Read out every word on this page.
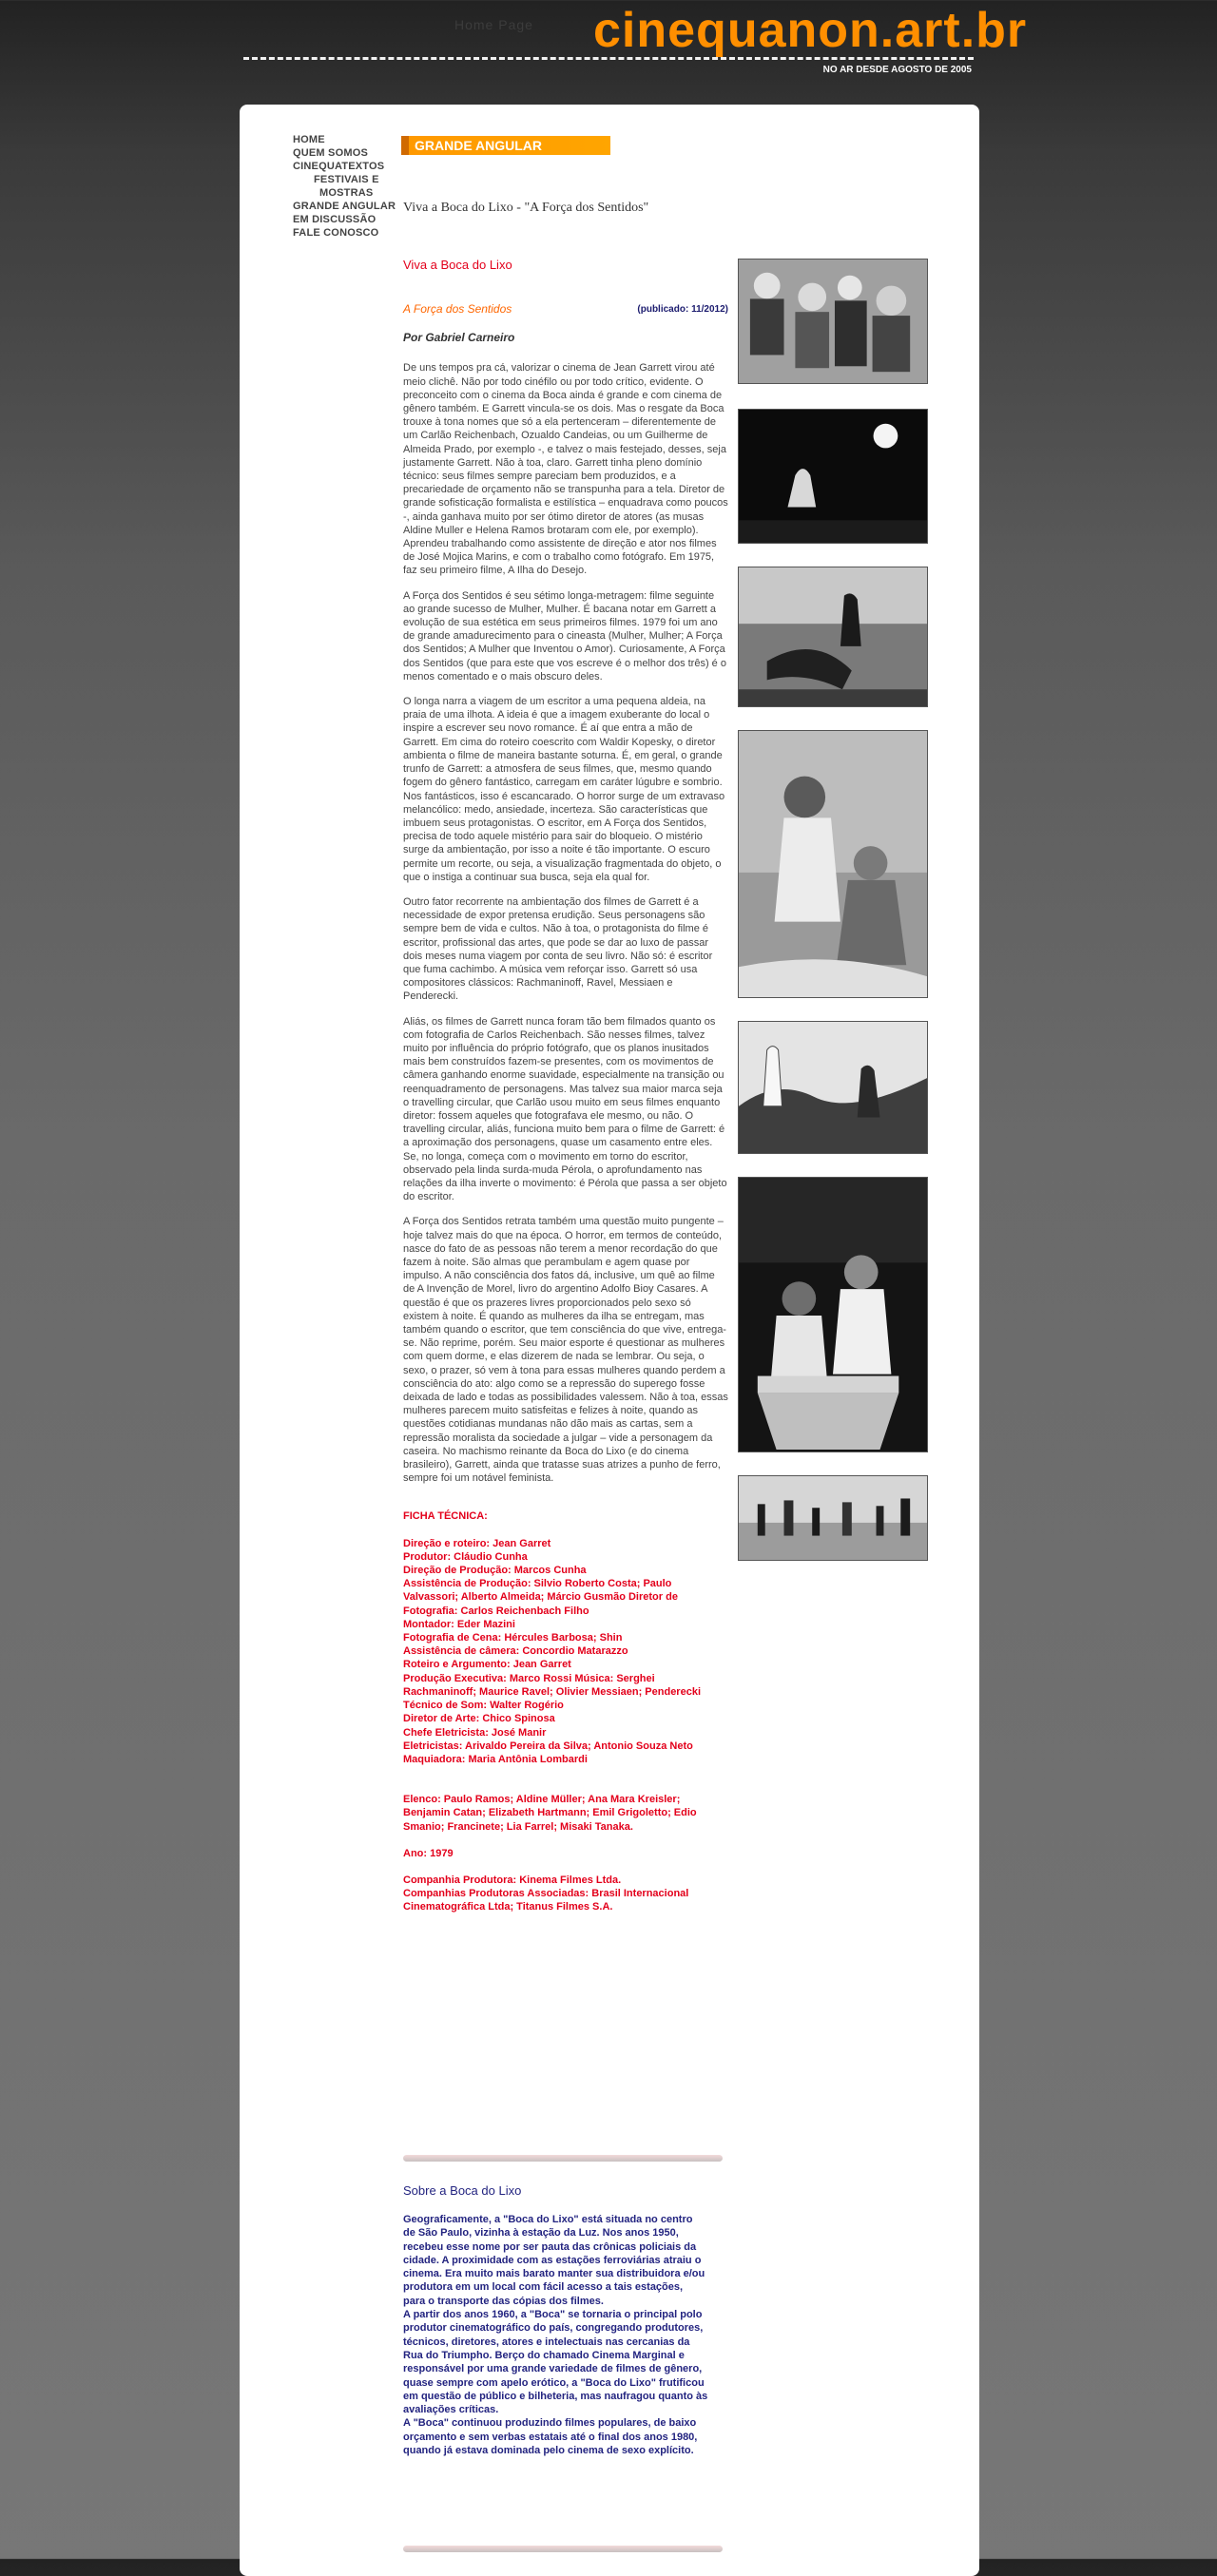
Home Page cinequanon.art.br
NO AR DESDE AGOSTO DE 2005
HOME
QUEM SOMOS
CINEQUATEXTOS
FESTIVAIS E
MOSTRAS
GRANDE ANGULAR
EM DISCUSSÃO
FALE CONOSCO
GRANDE ANGULAR
Viva a Boca do Lixo - "A Força dos Sentidos"

Viva a Boca do Lixo

A Força dos Sentidos	(publicado: 11/2012)

Por Gabriel Carneiro

De uns tempos pra cá, valorizar o cinema de Jean Garrett virou até meio clichê. Não por todo cinéfilo ou por todo crítico, evidente. O preconceito com o cinema da Boca ainda é grande e com cinema de gênero também. E Garrett vincula-se os dois. Mas o resgate da Boca trouxe à tona nomes que só a ela pertenceram – diferentemente de um Carlão Reichenbach, Ozualdo Candeias, ou um Guilherme de Almeida Prado, por exemplo -, e talvez o mais festejado, desses, seja justamente Garrett. Não à toa, claro. Garrett tinha pleno domínio técnico: seus filmes sempre pareciam bem produzidos, e a precariedade de orçamento não se transpunha para a tela. Diretor de grande sofisticação formalista e estilística – enquadrava como poucos -, ainda ganhava muito por ser ótimo diretor de atores (as musas Aldine Muller e Helena Ramos brotaram com ele, por exemplo). Aprendeu trabalhando como assistente de direção e ator nos filmes de José Mojica Marins, e com o trabalho como fotógrafo. Em 1975, faz seu primeiro filme, A Ilha do Desejo.

A Força dos Sentidos é seu sétimo longa-metragem: filme seguinte ao grande sucesso de Mulher, Mulher. É bacana notar em Garrett a evolução de sua estética em seus primeiros filmes. 1979 foi um ano de grande amadurecimento para o cineasta (Mulher, Mulher; A Força dos Sentidos; A Mulher que Inventou o Amor). Curiosamente, A Força dos Sentidos (que para este que vos escreve é o melhor dos três) é o menos comentado e o mais obscuro deles.

O longa narra a viagem de um escritor a uma pequena aldeia, na praia de uma ilhota. A ideia é que a imagem exuberante do local o inspire a escrever seu novo romance. É aí que entra a mão de Garrett. Em cima do roteiro coescrito com Waldir Kopesky, o diretor ambienta o filme de maneira bastante soturna. É, em geral, o grande trunfo de Garrett: a atmosfera de seus filmes, que, mesmo quando fogem do gênero fantástico, carregam em caráter lúgubre e sombrio. Nos fantásticos, isso é escancarado. O horror surge de um extravaso melancólico: medo, ansiedade, incerteza. São características que imbuem seus protagonistas. O escritor, em A Força dos Sentidos, precisa de todo aquele mistério para sair do bloqueio. O mistério surge da ambientação, por isso a noite é tão importante. O escuro permite um recorte, ou seja, a visualização fragmentada do objeto, o que o instiga a continuar sua busca, seja ela qual for.

Outro fator recorrente na ambientação dos filmes de Garrett é a necessidade de expor pretensa erudição. Seus personagens são sempre bem de vida e cultos. Não à toa, o protagonista do filme é escritor, profissional das artes, que pode se dar ao luxo de passar dois meses numa viagem por conta de seu livro. Não só: é escritor que fuma cachimbo. A música vem reforçar isso. Garrett só usa compositores clássicos: Rachmaninoff, Ravel, Messiaen e Penderecki.

Aliás, os filmes de Garrett nunca foram tão bem filmados quanto os com fotografia de Carlos Reichenbach. São nesses filmes, talvez muito por influência do próprio fotógrafo, que os planos inusitados mais bem construídos fazem-se presentes, com os movimentos de câmera ganhando enorme suavidade, especialmente na transição ou reenquadramento de personagens. Mas talvez sua maior marca seja o travelling circular, que Carlão usou muito em seus filmes enquanto diretor: fossem aqueles que fotografava ele mesmo, ou não. O travelling circular, aliás, funciona muito bem para o filme de Garrett: é a aproximação dos personagens, quase um casamento entre eles. Se, no longa, começa com o movimento em torno do escritor, observado pela linda surda-muda Pérola, o aprofundamento nas relações da ilha inverte o movimento: é Pérola que passa a ser objeto do escritor.

A Força dos Sentidos retrata também uma questão muito pungente – hoje talvez mais do que na época. O horror, em termos de conteúdo, nasce do fato de as pessoas não terem a menor recordação do que fazem à noite. São almas que perambulam e agem quase por impulso. A não consciência dos fatos dá, inclusive, um quê ao filme de A Invenção de Morel, livro do argentino Adolfo Bioy Casares. A questão é que os prazeres livres proporcionados pelo sexo só existem à noite. É quando as mulheres da ilha se entregam, mas também quando o escritor, que tem consciência do que vive, entrega-se. Não reprime, porém. Seu maior esporte é questionar as mulheres com quem dorme, e elas dizerem de nada se lembrar. Ou seja, o sexo, o prazer, só vem à tona para essas mulheres quando perdem a consciência do ato: algo como se a repressão do superego fosse deixada de lado e todas as possibilidades valessem. Não à toa, essas mulheres parecem muito satisfeitas e felizes à noite, quando as questões cotidianas mundanas não dão mais as cartas, sem a repressão moralista da sociedade a julgar – vide a personagem da caseira. No machismo reinante da Boca do Lixo (e do cinema brasileiro), Garrett, ainda que tratasse suas atrizes a punho de ferro, sempre foi um notável feminista.

FICHA TÉCNICA:
Direção e roteiro: Jean Garret
Produtor: Cláudio Cunha
Direção de Produção: Marcos Cunha
Assistência de Produção: Silvio Roberto Costa; Paulo
Valvassori; Alberto Almeida; Márcio Gusmão Diretor de
Fotografia: Carlos Reichenbach Filho
Montador: Eder Mazini
Fotografia de Cena: Hércules Barbosa; Shin
Assistência de câmera: Concordio Matarazzo
Roteiro e Argumento: Jean Garret
Produção Executiva: Marco Rossi Música: Serghei
Rachmaninoff; Maurice Ravel; Olivier Messiaen; Penderecki
Técnico de Som: Walter Rogério
Diretor de Arte: Chico Spinosa
Chefe Eletricista: José Manir
Eletricistas: Arivaldo Pereira da Silva; Antonio Souza Neto
Maquiadora: Maria Antônia Lombardi
Elenco: Paulo Ramos; Aldine Müller; Ana Mara Kreisler;
Benjamin Catan; Elizabeth Hartmann; Emil Grigoletto; Edio
Smanio; Francinete; Lia Farrel; Misaki Tanaka.
Ano: 1979
Companhia Produtora: Kinema Filmes Ltda.
Companhias Produtoras Associadas: Brasil Internacional
Cinematográfica Ltda; Titanus Filmes S.A.
Sobre a Boca do Lixo
Geograficamente, a "Boca do Lixo" está situada no centro
de São Paulo, vizinha à estação da Luz. Nos anos 1950,
recebeu esse nome por ser pauta das crônicas policiais da
cidade. A proximidade com as estações ferroviárias atraiu o
cinema. Era muito mais barato manter sua distribuidora e/ou
produtora em um local com fácil acesso a tais estações,
para o transporte das cópias dos filmes.
A partir dos anos 1960, a "Boca" se tornaria o principal polo
produtor cinematográfico do país, congregando produtores,
técnicos, diretores, atores e intelectuais nas cercanias da
Rua do Triumpho. Berço do chamado Cinema Marginal e
responsável por uma grande variedade de filmes de gênero,
quase sempre com apelo erótico, a "Boca do Lixo" frutificou
em questão de público e bilheteria, mas naufragou quanto às
avaliações críticas.
A "Boca" continuou produzindo filmes populares, de baixo
orçamento e sem verbas estatais até o final dos anos 1980,
quando já estava dominada pelo cinema de sexo explícito.
